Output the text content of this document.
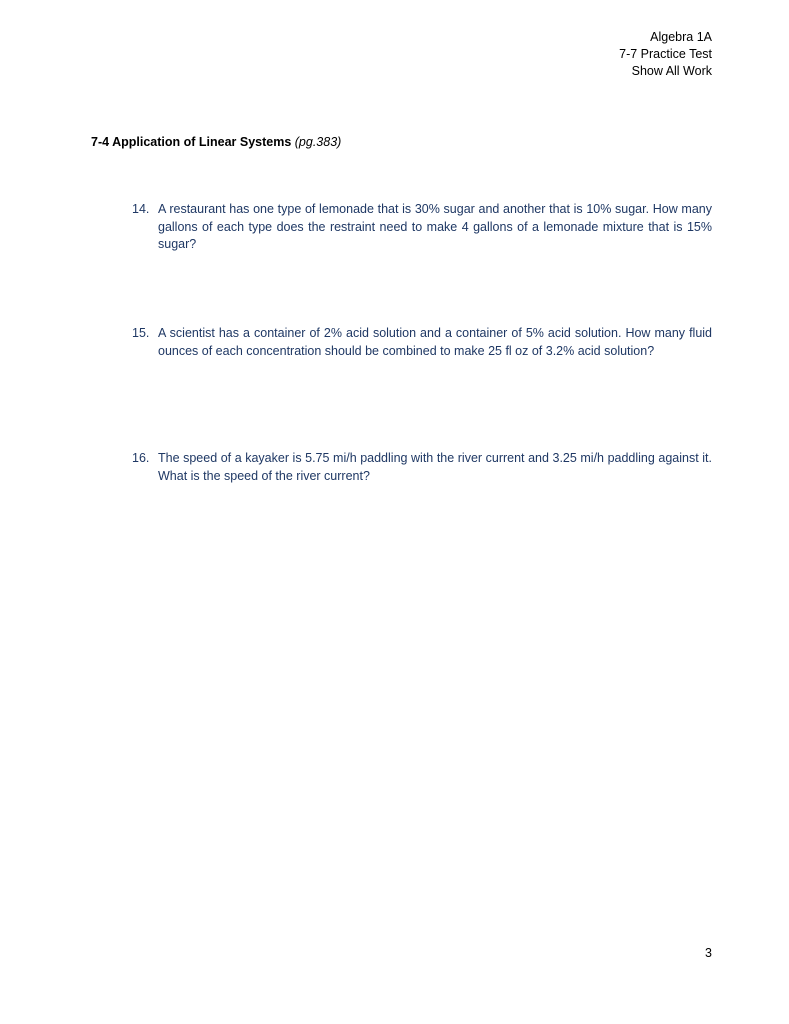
Algebra 1A
7-7 Practice Test
Show All Work
7-4 Application of Linear Systems (pg.383)
14. A restaurant has one type of lemonade that is 30% sugar and another that is 10% sugar. How many gallons of each type does the restraint need to make 4 gallons of a lemonade mixture that is 15% sugar?
15. A scientist has a container of 2% acid solution and a container of 5% acid solution. How many fluid ounces of each concentration should be combined to make 25 fl oz of 3.2% acid solution?
16. The speed of a kayaker is 5.75 mi/h paddling with the river current and 3.25 mi/h paddling against it. What is the speed of the river current?
3
